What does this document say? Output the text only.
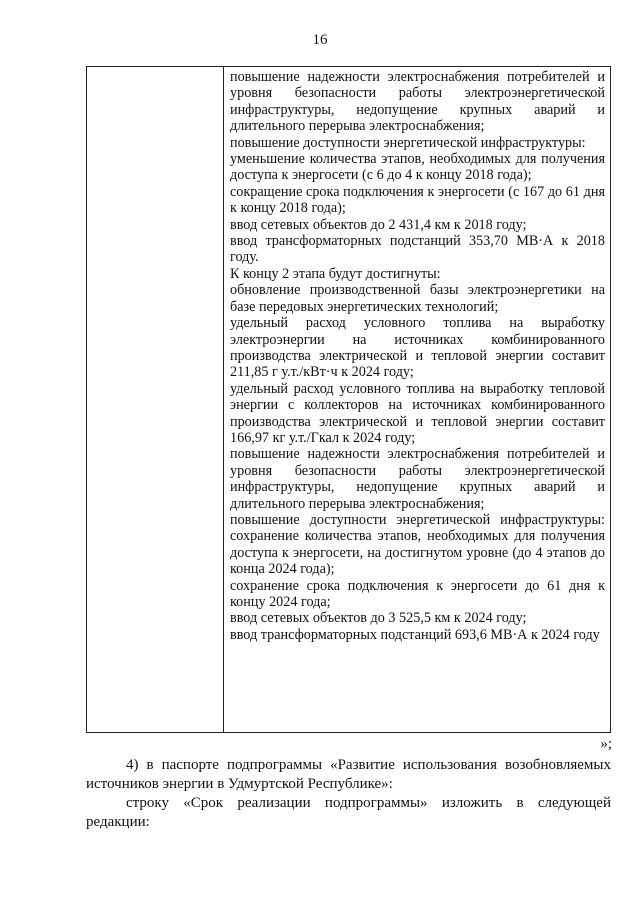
16
повышение надежности электроснабжения потребителей и уровня безопасности работы электроэнергетической инфраструктуры, недопущение крупных аварий и длительного перерыва электроснабжения;
повышение доступности энергетической инфраструктуры:
уменьшение количества этапов, необходимых для получения доступа к энергосети (с 6 до 4 к концу 2018 года);
сокращение срока подключения к энергосети (с 167 до 61 дня к концу 2018 года);
ввод сетевых объектов до 2 431,4 км к 2018 году;
ввод трансформаторных подстанций 353,70 МВ·А к 2018 году.
К концу 2 этапа будут достигнуты:
обновление производственной базы электроэнергетики на базе передовых энергетических технологий;
удельный расход условного топлива на выработку электроэнергии на источниках комбинированного производства электрической и тепловой энергии составит 211,85 г у.т./кВт·ч к 2024 году;
удельный расход условного топлива на выработку тепловой энергии с коллекторов на источниках комбинированного производства электрической и тепловой энергии составит 166,97 кг у.т./Гкал к 2024 году;
повышение надежности электроснабжения потребителей и уровня безопасности работы электроэнергетической инфраструктуры, недопущение крупных аварий и длительного перерыва электроснабжения;
повышение доступности энергетической инфраструктуры: сохранение количества этапов, необходимых для получения доступа к энергосети, на достигнутом уровне (до 4 этапов до конца 2024 года);
сохранение срока подключения к энергосети до 61 дня к концу 2024 года;
ввод сетевых объектов до 3 525,5 км к 2024 году;
ввод трансформаторных подстанций 693,6 МВ·А к 2024 году
»;
4) в паспорте подпрограммы «Развитие использования возобновляемых источников энергии в Удмуртской Республике»:
строку «Срок реализации подпрограммы» изложить в следующей редакции:
